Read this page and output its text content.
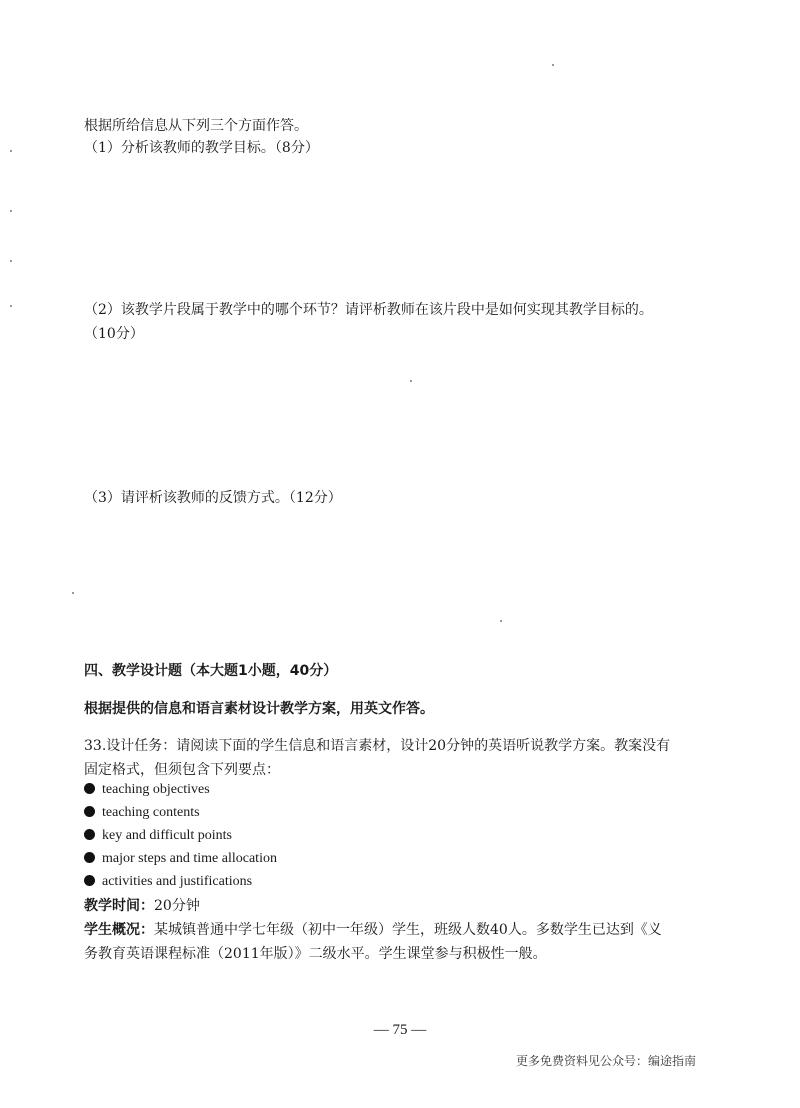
根据所给信息从下列三个方面作答。
（1）分析该教师的教学目标。（8分）
（2）该教学片段属于教学中的哪个环节？请评析教师在该片段中是如何实现其教学目标的。（10分）
（3）请评析该教师的反馈方式。（12分）
四、教学设计题（本大题1小题，40分）
根据提供的信息和语言素材设计教学方案，用英文作答。
33.设计任务：请阅读下面的学生信息和语言素材，设计20分钟的英语听说教学方案。教案没有固定格式，但须包含下列要点：
teaching objectives
teaching contents
key and difficult points
major steps and time allocation
activities and justifications
教学时间：20分钟
学生概况：某城镇普通中学七年级（初中一年级）学生，班级人数40人。多数学生已达到《义务教育英语课程标准（2011年版）》二级水平。学生课堂参与积极性一般。
— 75 —
更多免费资料见公众号：编途指南
